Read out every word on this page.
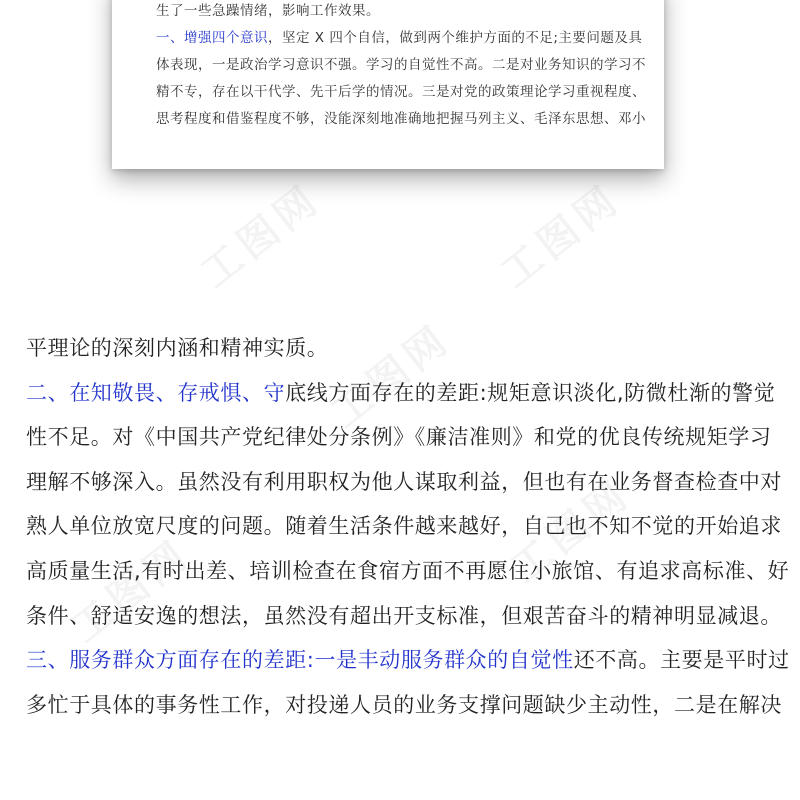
工图网	工图网
工图网
工图网	工图网
生了一些急躁情绪，影响工作效果。
一、增强四个意识，坚定 X 四个自信，做到两个维护方面的不足;主要问题及具
体表现，一是政治学习意识不强。学习的自觉性不高。二是对业务知识的学习不
精不专，存在以干代学、先干后学的情况。三是对党的政策理论学习重视程度、
思考程度和借鉴程度不够，没能深刻地准确地把握马列主义、毛泽东思想、邓小
平理论的深刻内涵和精神实质。
二、在知敬畏、存戒惧、守底线方面存在的差距:规矩意识淡化,防微杜渐的警觉
性不足。对《中国共产党纪律处分条例》《廉洁准则》和党的优良传统规矩学习
理解不够深入。虽然没有利用职权为他人谋取利益，但也有在业务督查检查中对
熟人单位放宽尺度的问题。随着生活条件越来越好，自己也不知不觉的开始追求
高质量生活,有时出差、培训检查在食宿方面不再愿住小旅馆、有追求高标准、好
条件、舒适安逸的想法，虽然没有超出开支标准，但艰苦奋斗的精神明显减退。
三、服务群众方面存在的差距:一是丰动服务群众的自觉性还不高。主要是平时过
多忙于具体的事务性工作，对投递人员的业务支撑问题缺少主动性，二是在解决
